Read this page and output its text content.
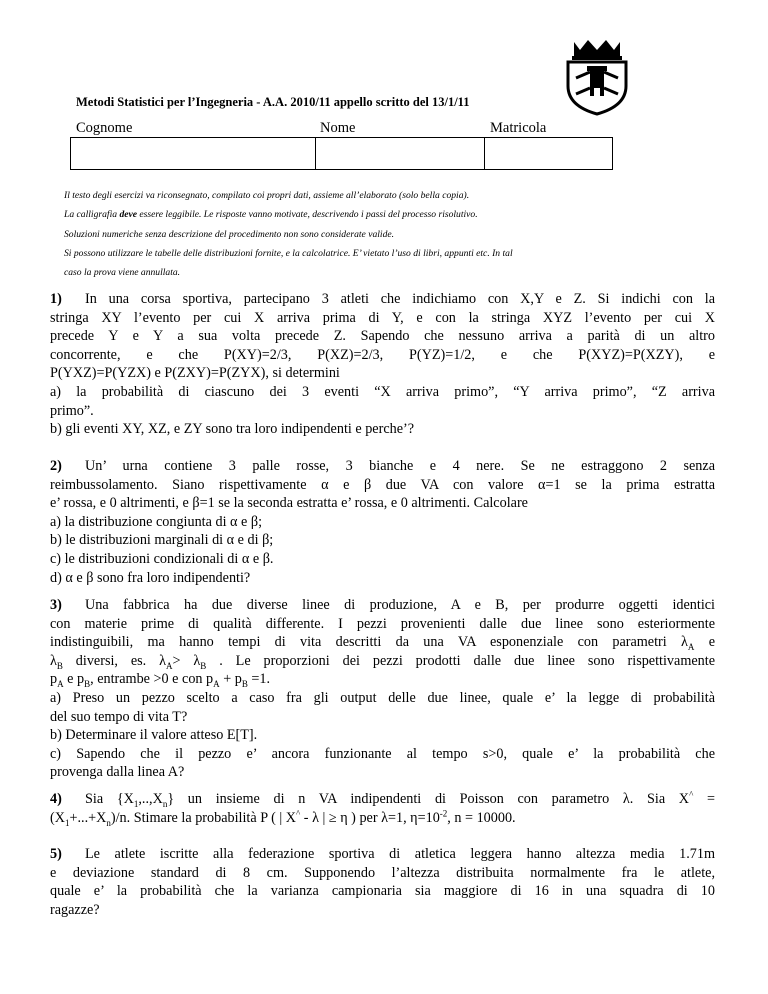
Metodi Statistici per l’Ingegneria - A.A. 2010/11 appello scritto del 13/1/11
Cognome	Nome	Matricola
Il testo degli esercizi va riconsegnato, compilato coi propri dati, assieme all’elaborato (solo bella copia).
La calligrafia deve essere leggibile. Le risposte vanno motivate, descrivendo i passi del processo risolutivo.
Soluzioni numeriche senza descrizione del procedimento non sono considerate valide.
Si possono utilizzare le tabelle delle distribuzioni fornite, e la calcolatrice. E’ vietato l’uso di libri, appunti etc. In tal
caso la prova viene annullata.
1) In una corsa sportiva, partecipano 3 atleti che indichiamo con X,Y e Z. Si indichi con la
stringa XY l’evento per cui X arriva prima di Y, e con la stringa XYZ l’evento per cui X
precede Y e Y a sua volta precede Z. Sapendo che nessuno arriva a parità di un altro
concorrente, e che P(XY)=2/3, P(XZ)=2/3, P(YZ)=1/2, e che P(XYZ)=P(XZY), e
P(YXZ)=P(YZX) e P(ZXY)=P(ZYX), si determini
a) la probabilità di ciascuno dei 3 eventi “X arriva primo”, “Y arriva primo”, “Z arriva
primo”.
b) gli eventi XY, XZ, e ZY sono tra loro indipendenti e perche’?
2) Un’ urna contiene 3 palle rosse, 3 bianche e 4 nere. Se ne estraggono 2 senza
reimbussolamento. Siano rispettivamente α e β due VA con valore α=1 se la prima estratta
e’ rossa, e 0 altrimenti, e β=1 se la seconda estratta e’ rossa, e 0 altrimenti. Calcolare
a) la distribuzione congiunta di α e β;
b) le distribuzioni marginali di α e di β;
c) le distribuzioni condizionali di α e β.
d) α e β sono fra loro indipendenti?
3) Una fabbrica ha due diverse linee di produzione, A e B, per produrre oggetti identici
con materie prime di qualità differente. I pezzi provenienti dalle due linee sono esteriormente
indistinguibili, ma hanno tempi di vita descritti da una VA esponenziale con parametri $\lambda_A$ e
$\lambda_B$ diversi, es. $\lambda_A> \lambda_B$ . Le proporzioni dei pezzi prodotti dalle due linee sono rispettivamente
$p_A$ e $p_B$, entrambe >0 e con $p_A + p_B =1$.
a) Preso un pezzo scelto a caso fra gli output delle due linee, quale e’ la legge di probabilità
del suo tempo di vita T?
b) Determinare il valore atteso E[T].
c) Sapendo che il pezzo e’ ancora funzionante al tempo s>0, quale e’ la probabilità che
provenga dalla linea A?
4) Sia $\{X_1,..,X_n\}$ un insieme di n VA indipendenti di Poisson con parametro λ. Sia X^ =
$(X_1+...+X_n)/n$. Stimare la probabilità P ( | X^ - λ | ≥ η ) per λ=1, $\eta=10^{-2}$, n = 10000.
5) Le atlete iscritte alla federazione sportiva di atletica leggera hanno altezza media 1.71m
e deviazione standard di 8 cm. Supponendo l’altezza distribuita normalmente fra le atlete,
quale e’ la probabilità che la varianza campionaria sia maggiore di 16 in una squadra di 10
ragazze?
